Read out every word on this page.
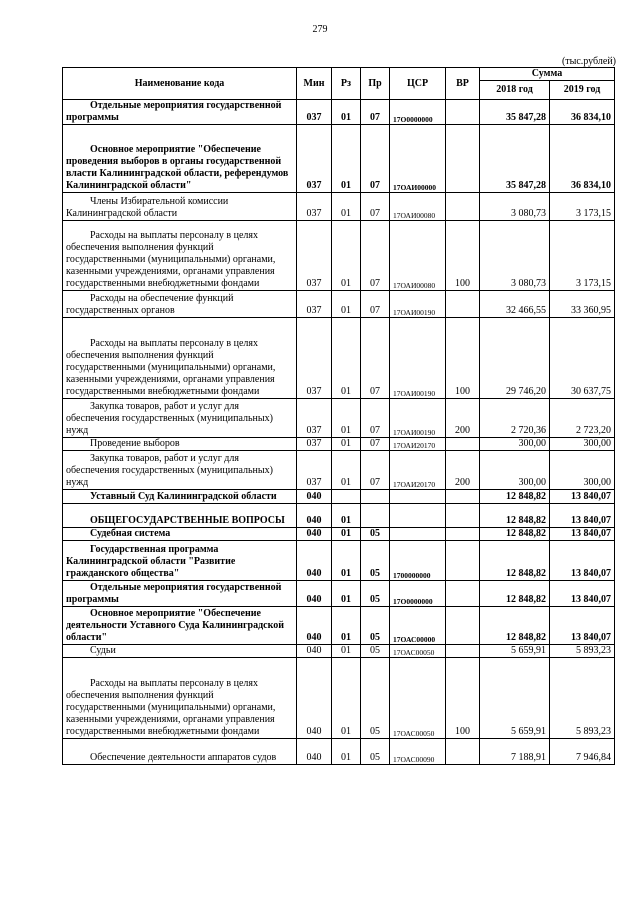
279
(тыс.рублей)
Наименование кода	Мин	Рз	Пр	ЦСР	ВР	Сумма	
						2018 год	2019 год

Отдельные мероприятия государственной программы	037	01	07	17О0000000		35 847,28	36 834,10

Основное мероприятие "Обеспечение проведения выборов в органы государственной власти Калининградской области, референдумов Калининградской области"	037	01	07	17ОАИ00000		35 847,28	36 834,10

Члены Избирательной комиссии Калининградской области	037	01	07	17ОАИ00080		3 080,73	3 173,15

Расходы на выплаты персоналу в целях обеспечения выполнения функций государственными (муниципальными) органами, казенными учреждениями, органами управления государственными внебюджетными фондами	037	01	07	17ОАИ00080	100	3 080,73	3 173,15

Расходы на обеспечение функций государственных органов	037	01	07	17ОАИ00190		32 466,55	33 360,95

Расходы на выплаты персоналу в целях обеспечения выполнения функций государственными (муниципальными) органами, казенными учреждениями, органами управления государственными внебюджетными фондами	037	01	07	17ОАИ00190	100	29 746,20	30 637,75

Закупка товаров, работ и услуг для обеспечения государственных (муниципальных) нужд	037	01	07	17ОАИ00190	200	2 720,36	2 723,20

Проведение выборов	037	01	07	17ОАИ20170		300,00	300,00

Закупка товаров, работ и услуг для обеспечения государственных (муниципальных) нужд	037	01	07	17ОАИ20170	200	300,00	300,00

Уставный Суд Калининградской области	040					12 848,82	13 840,07

ОБЩЕГОСУДАРСТВЕННЫЕ ВОПРОСЫ	040	01				12 848,82	13 840,07

Судебная система	040	01	05			12 848,82	13 840,07

Государственная программа Калининградской области "Развитие гражданского общества"	040	01	05	1700000000		12 848,82	13 840,07

Отдельные мероприятия государственной программы	040	01	05	17О0000000		12 848,82	13 840,07

Основное мероприятие "Обеспечение деятельности Уставного Суда Калининградской области"	040	01	05	17ОАС00000		12 848,82	13 840,07

Судьи	040	01	05	17ОАС00050		5 659,91	5 893,23

Расходы на выплаты персоналу в целях обеспечения выполнения функций государственными (муниципальными) органами, казенными учреждениями, органами управления государственными внебюджетными фондами	040	01	05	17ОАС00050	100	5 659,91	5 893,23

Обеспечение деятельности аппаратов судов	040	01	05	17ОАС00090		7 188,91	7 946,84
